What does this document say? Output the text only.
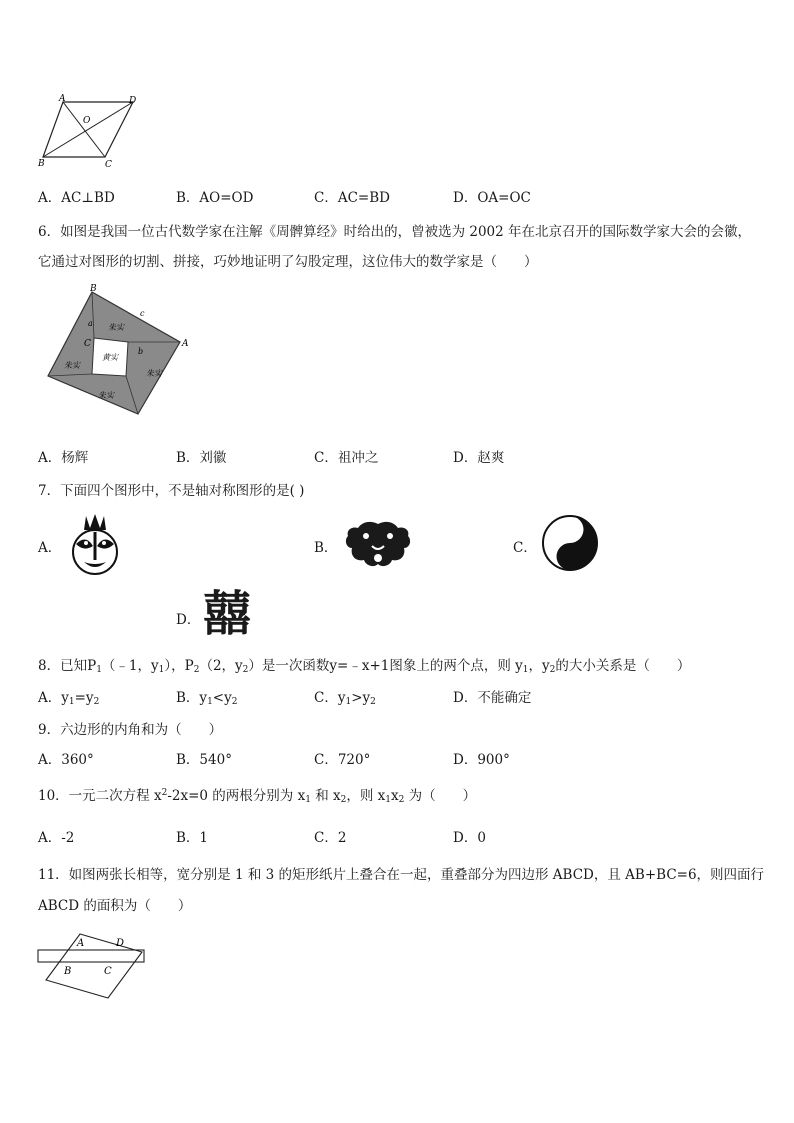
A	D
O
B	C
A．AC⊥BD	B．AO=OD	C．AC=BD	D．OA=OC
6．如图是我国一位古代数学家在注解《周髀算经》时给出的，曾被选为 2002 年在北京召开的国际数学家大会的会徽，
它通过对图形的切割、拼接，巧妙地证明了勾股定理，这位伟大的数学家是（　　）
B
A
C
c
a
b
朱实
朱实
朱实
朱实
黄实
A．杨辉	B．刘徽	C．祖冲之	D．赵爽
7．下面四个图形中，不是轴对称图形的是( )
A．	B．	C．
D． 囍
8．已知$P_1(﹣1$，$y_1$），$P_2(2$，$y_2$）是一次函数y=﹣x+1图象上的两个点，则 $y_1$，$y_2$的大小关系是（　　）
A．$y_1=y_2$	B．$y_1<y_2$	C．$y_1>y_2$	D．不能确定
9．六边形的内角和为（　　）
A．360°	B．540°	C．720°	D．900°
10．一元二次方程 $x^2-2x=0$ 的两根分别为 $x_1$ 和 $x_2$，则 $x_1x_2$ 为（　　）
A．-2	B．1	C．2	D．0
11．如图两张长相等，宽分别是 1 和 3 的矩形纸片上叠合在一起，重叠部分为四边形 ABCD，且 AB+BC=6，则四面行
ABCD 的面积为（　　）
A	D
B	C
